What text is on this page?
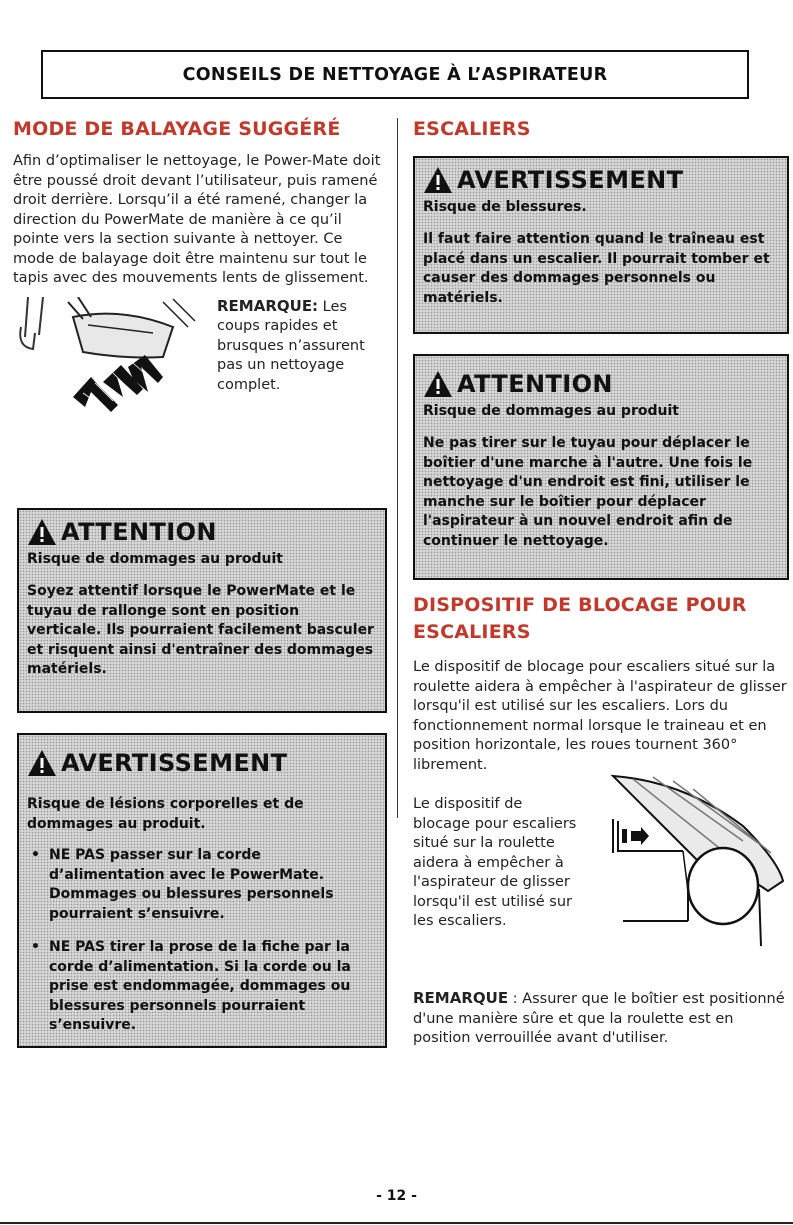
CONSEILS DE NETTOYAGE À L’ASPIRATEUR
MODE DE BALAYAGE SUGGÉRÉ

Afin d’optimaliser le nettoyage, le Power-Mate doit être poussé droit devant l’utilisateur, puis ramené droit derrière. Lorsqu’il a été ramené, changer la direction du PowerMate de manière à ce qu’il pointe vers la section suivante à nettoyer. Ce mode de balayage doit être maintenu sur tout le tapis avec des mouvements lents de glissement.

REMARQUE: Les coups rapides et brusques n’assurent pas un nettoyage complet.
ATTENTION
Risque de dommages au produit
Soyez attentif lorsque le PowerMate et le tuyau de rallonge sont en position verticale. Ils pourraient facilement basculer et risquent ainsi d'entraîner des dommages matériels.
AVERTISSEMENT
Risque de lésions corporelles et de dommages au produit.
• NE PAS passer sur la corde d’alimentation avec le PowerMate. Dommages ou blessures personnels pourraient s’ensuivre.
• NE PAS tirer la prose de la fiche par la corde d’alimentation. Si la corde ou la prise est endommagée, dommages ou blessures personnels pourraient s’ensuivre.
ESCALIERS
AVERTISSEMENT
Risque de blessures.
Il faut faire attention quand le traîneau est placé dans un escalier. Il pourrait tomber et causer des dommages personnels ou matériels.
ATTENTION
Risque de dommages au produit
Ne pas tirer sur le tuyau pour déplacer le boîtier d'une marche à l'autre. Une fois le nettoyage d'un endroit est fini, utiliser le manche sur le boîtier pour déplacer l'aspirateur à un nouvel endroit afin de continuer le nettoyage.
DISPOSITIF DE BLOCAGE POUR ESCALIERS

Le dispositif de blocage pour escaliers situé sur la roulette aidera à empêcher à l'aspirateur de glisser lorsqu'il est utilisé sur les escaliers. Lors du fonctionnement normal lorsque le traineau et en position horizontale, les roues tournent 360° librement.

Le dispositif de blocage pour escaliers situé sur la roulette aidera à empêcher à l'aspirateur de glisser lorsqu'il est utilisé sur les escaliers.

REMARQUE : Assurer que le boîtier est positionné d'une manière sûre et que la roulette est en position verrouillée avant d'utiliser.

- 12 -
